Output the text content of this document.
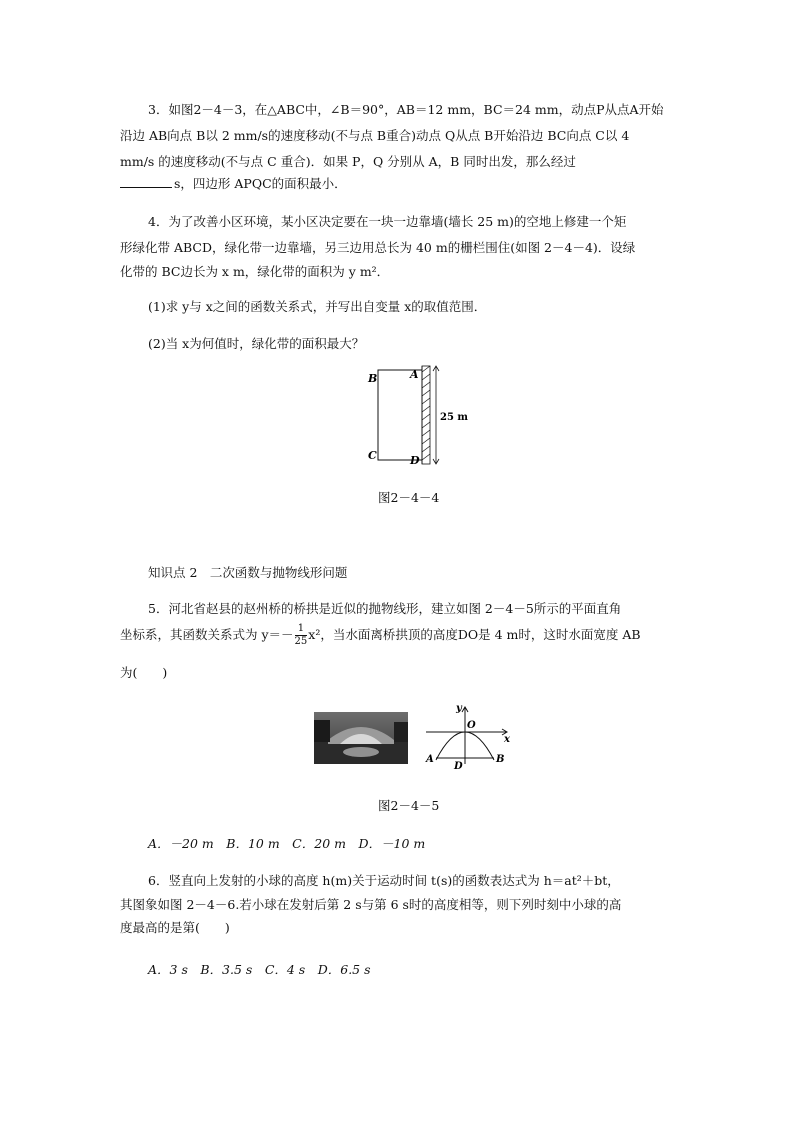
3．如图2－4－3，在△ABC中，∠B＝90°，AB＝12 mm，BC＝24 mm，动点P从点A开始
沿边 AB向点 B以 2 mm/s的速度移动(不与点 B重合)动点 Q从点 B开始沿边 BC向点 C以 4
mm/s 的速度移动(不与点 C 重合)．如果 P，Q 分别从 A，B 同时出发，那么经过
s，四边形 APQC的面积最小．
4．为了改善小区环境，某小区决定要在一块一边靠墙(墙长 25 m)的空地上修建一个矩
形绿化带 ABCD，绿化带一边靠墙，另三边用总长为 40 m的栅栏围住(如图 2－4－4)．设绿
化带的 BC边长为 x m，绿化带的面积为 y m²．
(1)求 y与 x之间的函数关系式，并写出自变量 x的取值范围．
(2)当 x为何值时，绿化带的面积最大？
B	A
C	D
25 m
图2－4－4
知识点 2　二次函数与抛物线形问题
5．河北省赵县的赵州桥的桥拱是近似的抛物线形，建立如图 2－4－5所示的平面直角
坐标系，其函数关系式为 $y=- \frac{1}{25} x^2$，当水面离桥拱顶的高度DO是 4 m时，这时水面宽度 AB
为(　　)
y
O
x
A
D
B
图2－4－5
A．－20 m　B．10 m　C．20 m　D．－10 m
6．竖直向上发射的小球的高度 h(m)关于运动时间 t(s)的函数表达式为 h＝at²＋bt，
其图象如图 2－4－6.若小球在发射后第 2 s与第 6 s时的高度相等，则下列时刻中小球的高
度最高的是第(　　)
A．3 s　B．3.5 s　C．4 s　D．6.5 s
